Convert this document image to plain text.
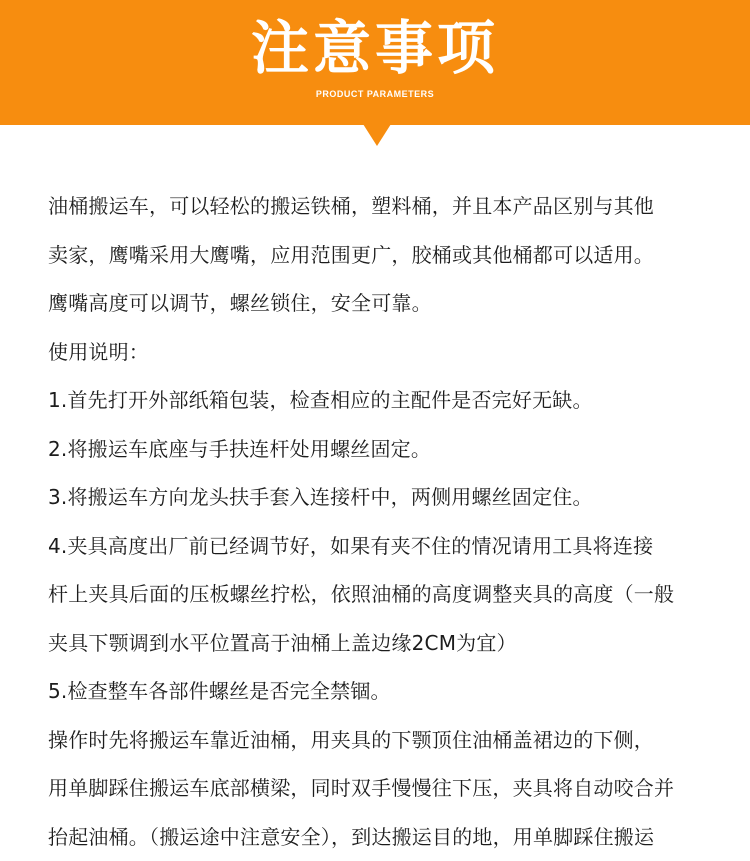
注意事项
PRODUCT PARAMETERS
油桶搬运车，可以轻松的搬运铁桶，塑料桶，并且本产品区别与其他
卖家，鹰嘴采用大鹰嘴，应用范围更广，胶桶或其他桶都可以适用。
鹰嘴高度可以调节，螺丝锁住，安全可靠。
使用说明：
1.首先打开外部纸箱包装，检查相应的主配件是否完好无缺。
2.将搬运车底座与手扶连杆处用螺丝固定。
3.将搬运车方向龙头扶手套入连接杆中，两侧用螺丝固定住。
4.夹具高度出厂前已经调节好，如果有夹不住的情况请用工具将连接
杆上夹具后面的压板螺丝拧松，依照油桶的高度调整夹具的高度（一般
夹具下颚调到水平位置高于油桶上盖边缘2CM为宜）
5.检查整车各部件螺丝是否完全禁锢。
操作时先将搬运车靠近油桶，用夹具的下颚顶住油桶盖裙边的下侧，
用单脚踩住搬运车底部横梁，同时双手慢慢往下压，夹具将自动咬合并
抬起油桶。（搬运途中注意安全），到达搬运目的地，用单脚踩住搬运
